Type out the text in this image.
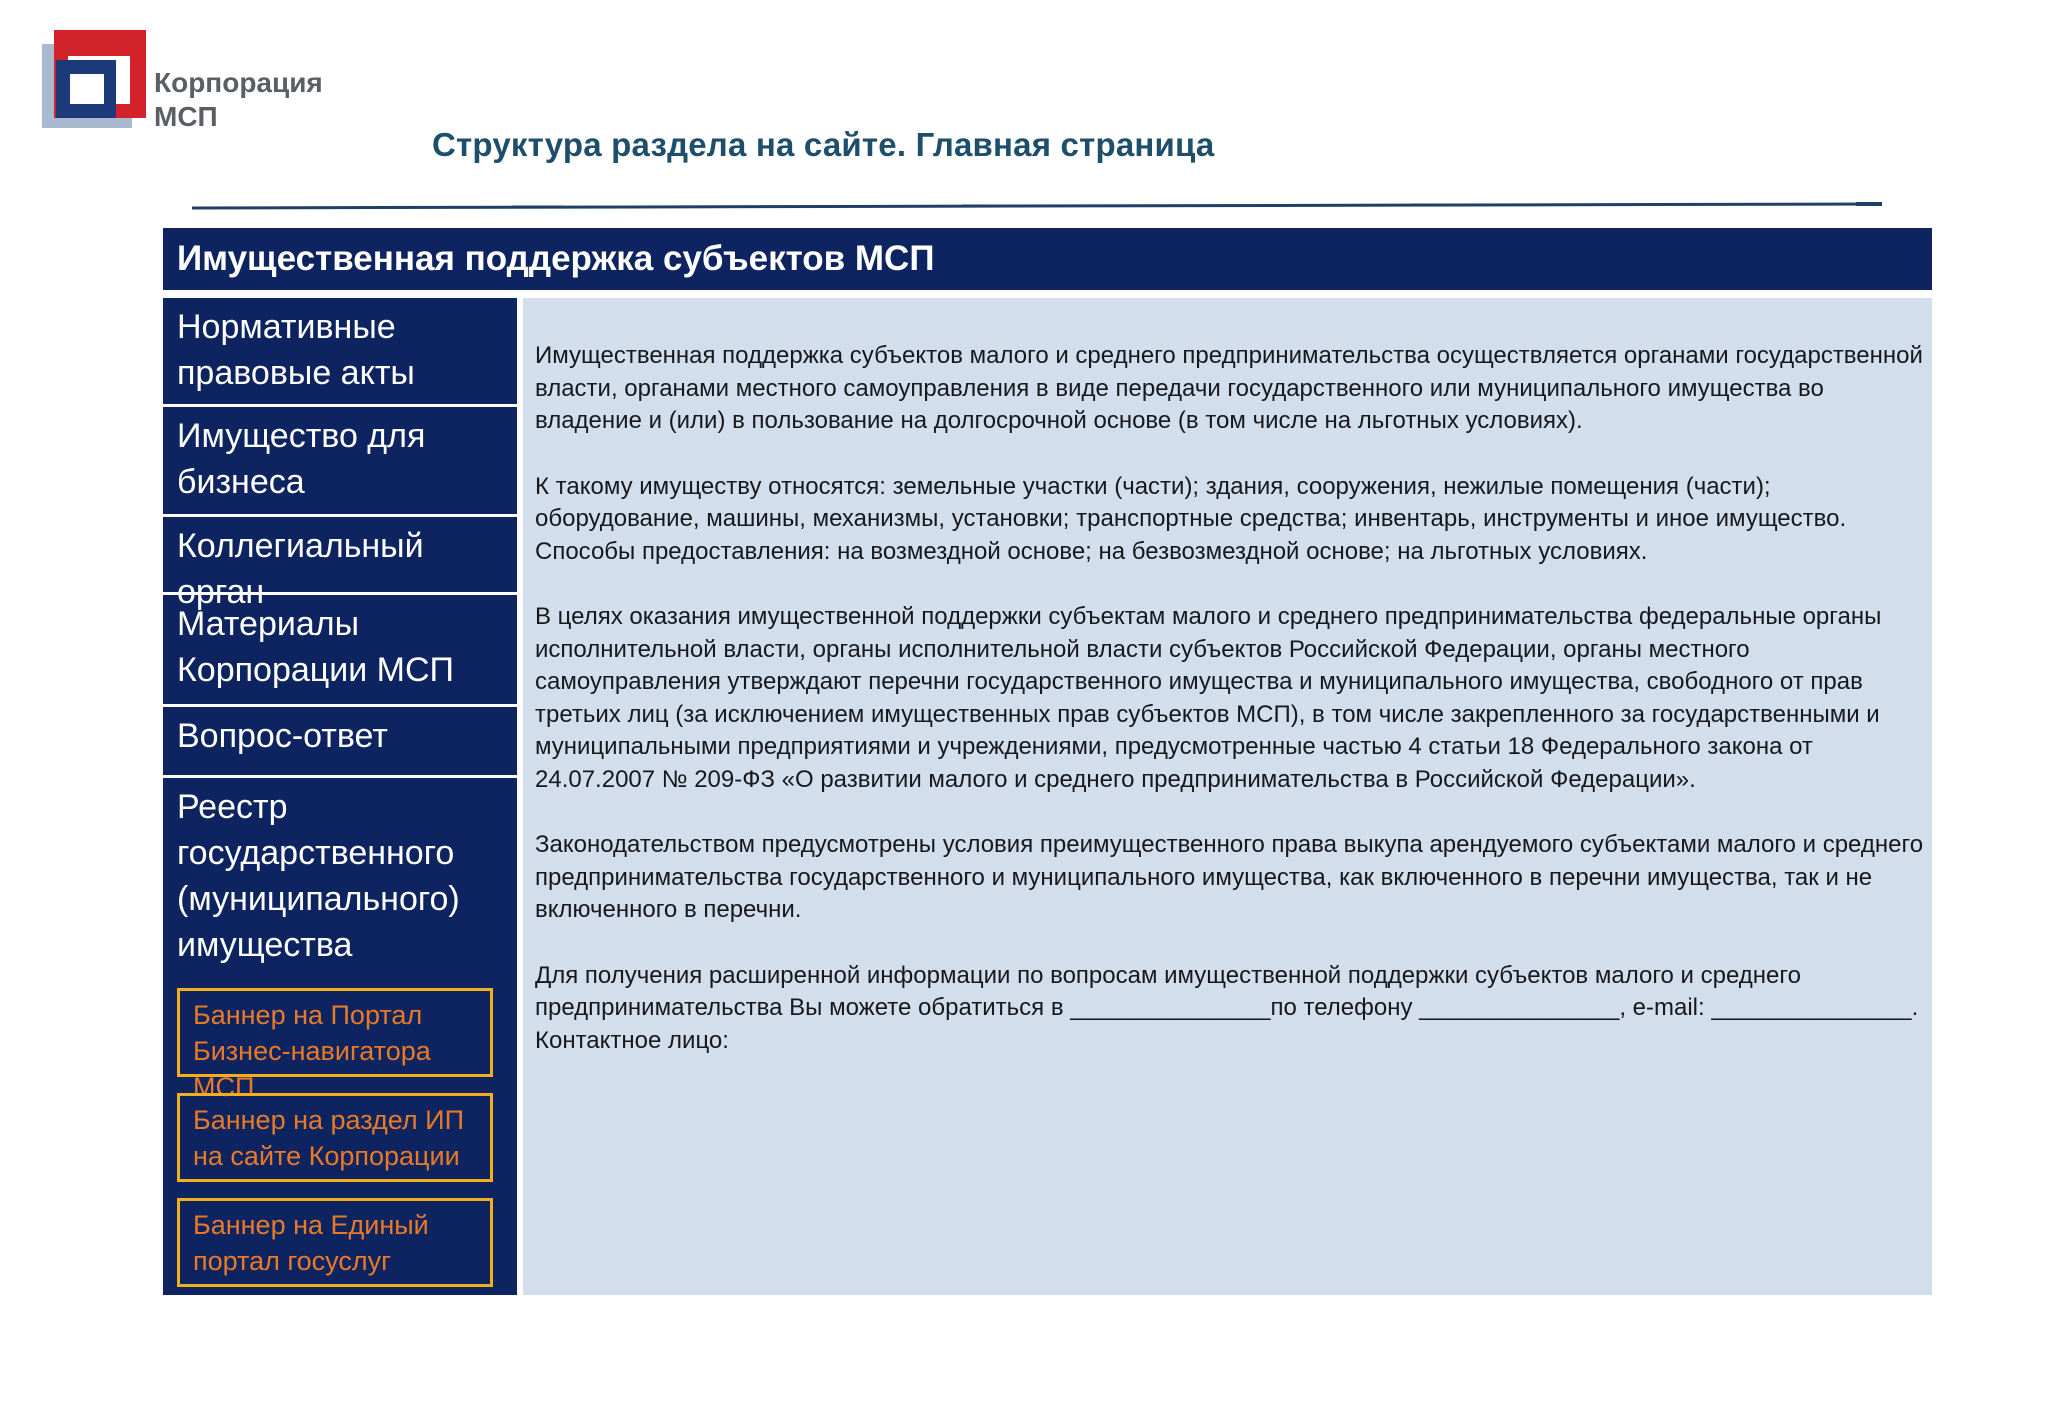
Корпорация
МСП
Структура раздела на сайте. Главная страница
Имущественная поддержка субъектов МСП
Нормативные правовые акты
Имущество для бизнеса
Коллегиальный орган
Материалы Корпорации МСП
Вопрос-ответ
Реестр государственного (муниципального) имущества
Баннер на Портал Бизнес-навигатора МСП
Баннер на раздел ИП на сайте Корпорации
Баннер на Единый портал госуслуг

Имущественная поддержка субъектов малого и среднего предпринимательства осуществляется органами государственной власти, органами местного самоуправления в виде передачи государственного или муниципального имущества во владение и (или) в пользование на долгосрочной основе (в том числе на льготных условиях).

К такому имуществу относятся: земельные участки (части); здания, сооружения, нежилые помещения (части); оборудование, машины, механизмы, установки; транспортные средства; инвентарь, инструменты и иное имущество.

Способы предоставления: на возмездной основе; на безвозмездной основе; на льготных условиях.

В целях оказания имущественной поддержки субъектам малого и среднего предпринимательства федеральные органы исполнительной власти, органы исполнительной власти субъектов Российской Федерации, органы местного самоуправления утверждают перечни государственного имущества и муниципального имущества, свободного от прав третьих лиц (за исключением имущественных прав субъектов МСП), в том числе закрепленного за государственными и муниципальными предприятиями и учреждениями, предусмотренные частью 4 статьи 18 Федерального закона от 24.07.2007 № 209-ФЗ «О развитии малого и среднего предпринимательства в Российской Федерации».

Законодательством предусмотрены условия преимущественного права выкупа арендуемого субъектами малого и среднего предпринимательства государственного и муниципального имущества, как включенного в перечни имущества, так и не включенного в перечни.

Для получения расширенной информации по вопросам имущественной поддержки субъектов малого и среднего предпринимательства Вы можете обратиться в _______________по телефону _______________, e-mail: _______________. Контактное лицо:
